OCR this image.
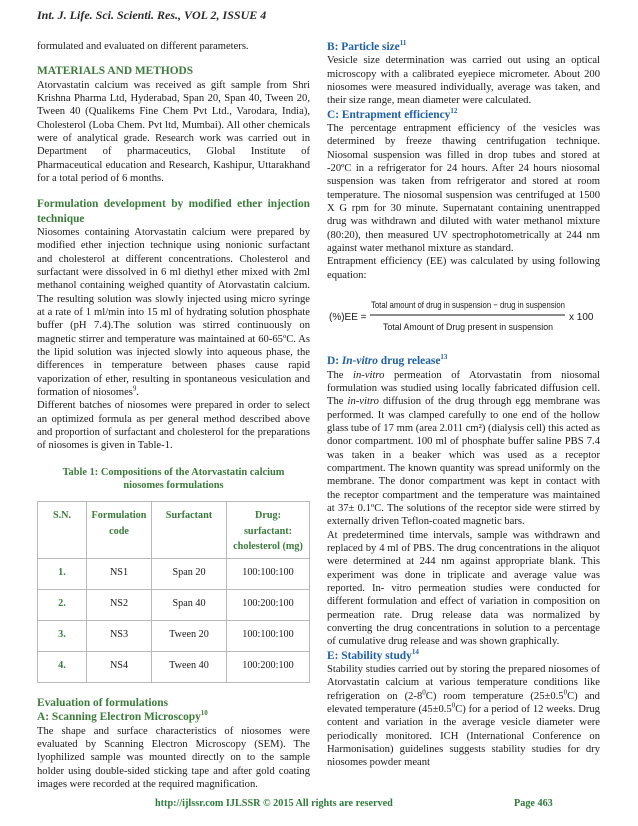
Int. J. Life. Sci. Scienti. Res., VOL 2, ISSUE 4

formulated and evaluated on different parameters.

MATERIALS AND METHODS

Atorvastatin calcium was received as gift sample from Shri Krishna Pharma Ltd, Hyderabad, Span 20, Span 40, Tween 20, Tween 40 (Qualikems Fine Chem Pvt Ltd., Varodara, India), Cholesterol (Loba Chem. Pvt ltd, Mumbai). All other chemicals were of analytical grade. Research work was carried out in Department of pharmaceutics, Global Institute of Pharmaceutical education and Research, Kashipur, Uttarakhand for a total period of 6 months.

Formulation development by modified ether injection technique

Niosomes containing Atorvastatin calcium were prepared by modified ether injection technique using nonionic surfactant and cholesterol at different concentrations. Cholesterol and surfactant were dissolved in 6 ml diethyl ether mixed with 2ml methanol containing weighed quantity of Atorvastatin calcium. The resulting solution was slowly injected using micro syringe at a rate of 1 ml/min into 15 ml of hydrating solution phosphate buffer (pH 7.4).The solution was stirred continuously on magnetic stirrer and temperature was maintained at 60-65ºC. As the lipid solution was injected slowly into aqueous phase, the differences in temperature between phases cause rapid vaporization of ether, resulting in spontaneous vesiculation and formation of niosomes$^9$.

Different batches of niosomes were prepared in order to select an optimized formula as per general method described above and proportion of surfactant and cholesterol for the preparations of niosomes is given in Table-1.

Table 1: Compositions of the Atorvastatin calcium
niosomes formulations
S.N.	Formulation code	Surfactant	Drug: surfactant: cholesterol (mg)
1.	NS1	Span 20	100:100:100
2.	NS2	Span 40	100:200:100
3.	NS3	Tween 20	100:100:100
4.	NS4	Tween 40	100:200:100

Evaluation of formulations

A: Scanning Electron Microscopy$^{10}$

The shape and surface characteristics of niosomes were evaluated by Scanning Electron Microscopy (SEM). The lyophilized sample was mounted directly on to the sample holder using double-sided sticking tape and after gold coating images were recorded at the required magnification.

B: Particle size$^{11}$

Vesicle size determination was carried out using an optical microscopy with a calibrated eyepiece micrometer. About 200 niosomes were measured individually, average was taken, and their size range, mean diameter were calculated.

C: Entrapment efficiency$^{12}$

The percentage entrapment efficiency of the vesicles was determined by freeze thawing centrifugation technique. Niosomal suspension was filled in drop tubes and stored at -20ºC in a refrigerator for 24 hours. After 24 hours niosomal suspension was taken from refrigerator and stored at room temperature. The niosomal suspension was centrifuged at 1500 X G rpm for 30 minute. Supernatant containing unentrapped drug was withdrawn and diluted with water methanol mixture (80:20), then measured UV spectrophotometrically at 244 nm against water methanol mixture as standard.

Entrapment efficiency (EE) was calculated by using following equation:

(%)EE =
Total amount of drug in suspension − drug in suspension
Total Amount of Drug present in suspension
x 100

D: In-vitro drug release$^{13}$

The in-vitro permeation of Atorvastatin from niosomal formulation was studied using locally fabricated diffusion cell. The in-vitro diffusion of the drug through egg membrane was performed. It was clamped carefully to one end of the hollow glass tube of 17 mm (area 2.011 cm²) (dialysis cell) this acted as donor compartment. 100 ml of phosphate buffer saline PBS 7.4 was taken in a beaker which was used as a receptor compartment. The known quantity was spread uniformly on the membrane. The donor compartment was kept in contact with the receptor compartment and the temperature was maintained at 37± 0.1ºC. The solutions of the receptor side were stirred by externally driven Teflon-coated magnetic bars.

At predetermined time intervals, sample was withdrawn and replaced by 4 ml of PBS. The drug concentrations in the aliquot were determined at 244 nm against appropriate blank. This experiment was done in triplicate and average value was reported. In- vitro permeation studies were conducted for different formulation and effect of variation in composition on permeation rate. Drug release data was normalized by converting the drug concentrations in solution to a percentage of cumulative drug release and was shown graphically.

E: Stability study$^{14}$

Stability studies carried out by storing the prepared niosomes of Atorvastatin calcium at various temperature conditions like refrigeration on $(2-8^0C)$ room temperature $(25\pm 0.5^0C)$ and elevated temperature $(45\pm 0.5^0C)$ for a period of 12 weeks. Drug content and variation in the average vesicle diameter were periodically monitored. ICH (International Conference on Harmonisation) guidelines suggests stability studies for dry niosomes powder meant

http://ijlssr.com IJLSSR © 2015 All rights are reserved	Page 463
